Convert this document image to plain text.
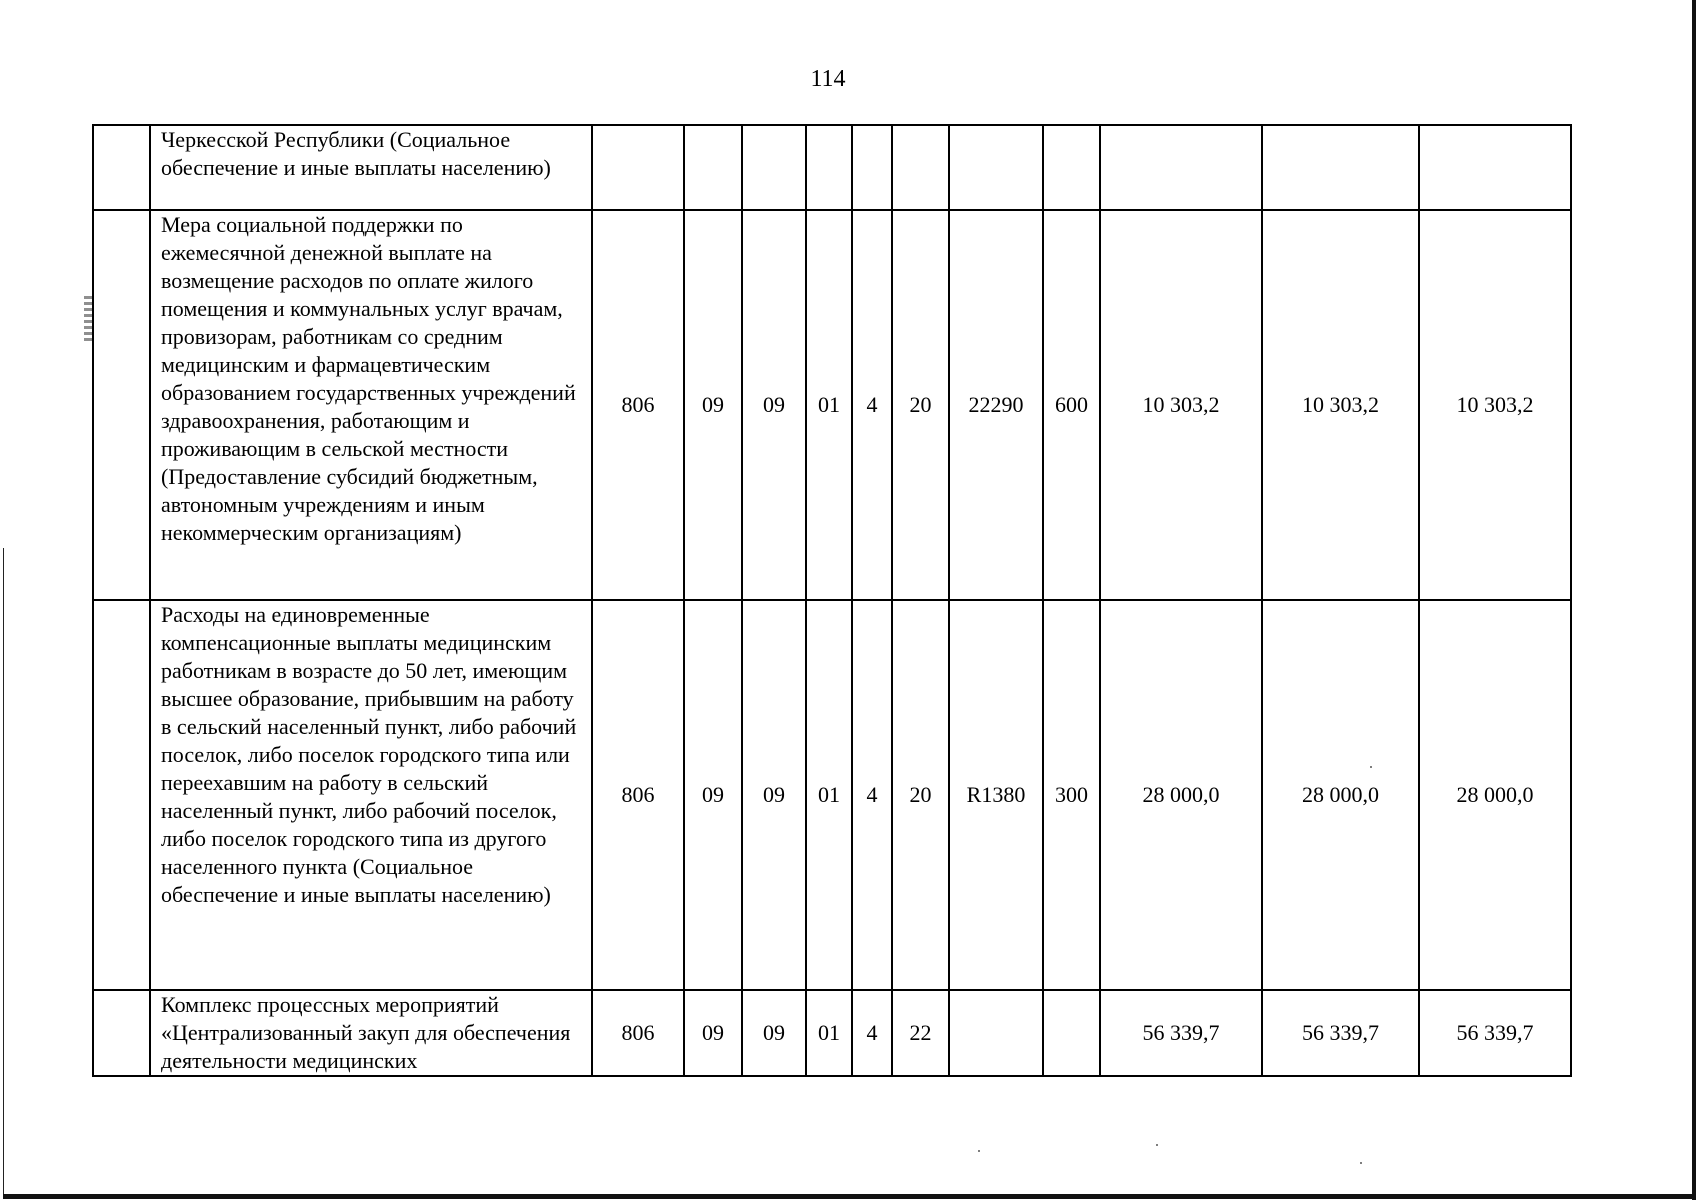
114
	Черкесской Республики (Социальное обеспечение и иные выплаты населению)											
	Мера социальной поддержки по ежемесячной денежной выплате на возмещение расходов по оплате жилого помещения и коммунальных услуг врачам, провизорам, работникам со средним медицинским и фармацевтическим образованием государственных учреждений здравоохранения, работающим и проживающим в сельской местности (Предоставление субсидий бюджетным, автономным учреждениям и иным некоммерческим организациям)	806	09	09	01	4	20	22290	600	10 303,2	10 303,2	10 303,2
	Расходы на единовременные компенсационные выплаты медицинским работникам в возрасте до 50 лет, имеющим высшее образование, прибывшим на работу в сельский населенный пункт, либо рабочий поселок, либо поселок городского типа или переехавшим на работу в сельский населенный пункт, либо рабочий поселок, либо поселок городского типа из другого населенного пункта (Социальное обеспечение и иные выплаты населению)	806	09	09	01	4	20	R1380	300	28 000,0	28 000,0	28 000,0
	Комплекс процессных мероприятий «Централизованный закуп для обеспечения деятельности медицинских	806	09	09	01	4	22			56 339,7	56 339,7	56 339,7
